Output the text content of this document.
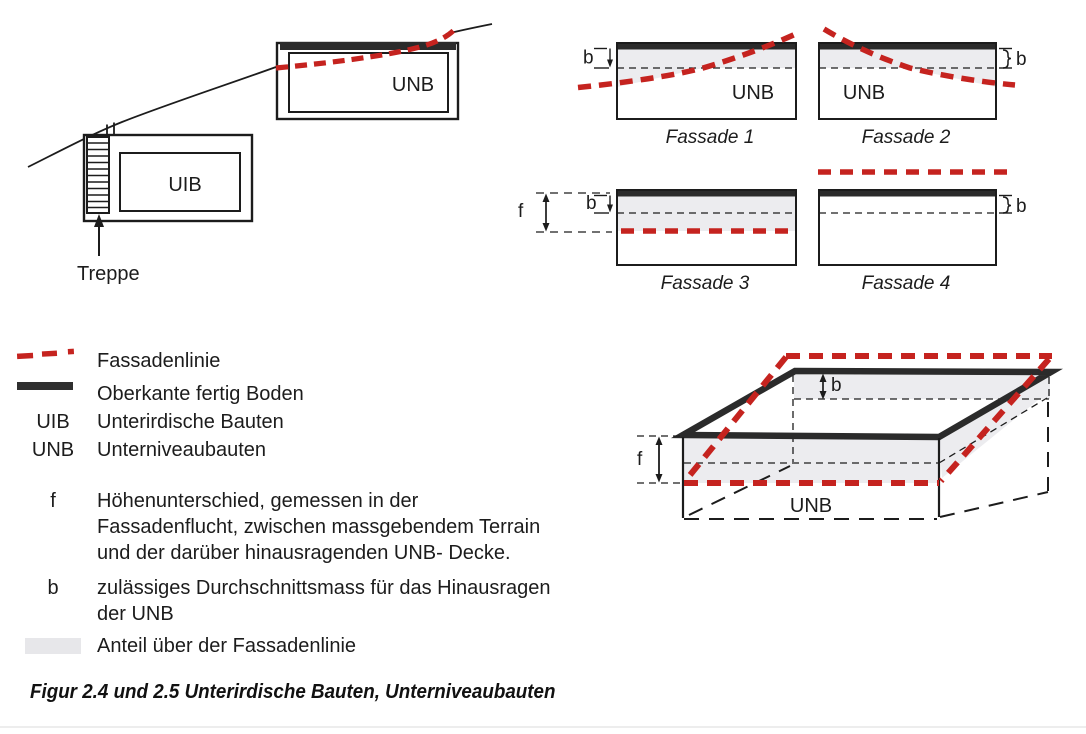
UNB
UIB
Treppe
b
UNB
Fassade 1
b
UNB
Fassade 2
b
f
Fassade 3
b
Fassade 4
b
f
UNB
Fassadenlinie
Oberkante fertig Boden
UIB Unterirdische Bauten
UNB Unterniveaubauten
f Höhenunterschied, gemessen in der Fassadenflucht, zwischen massgebendem Terrain und der darüber hinausragenden UNB- Decke.
b zulässiges Durchschnittsmass für das Hinausragen der UNB
Anteil über der Fassadenlinie
Figur 2.4 und 2.5 Unterirdische Bauten, Unterniveaubauten
